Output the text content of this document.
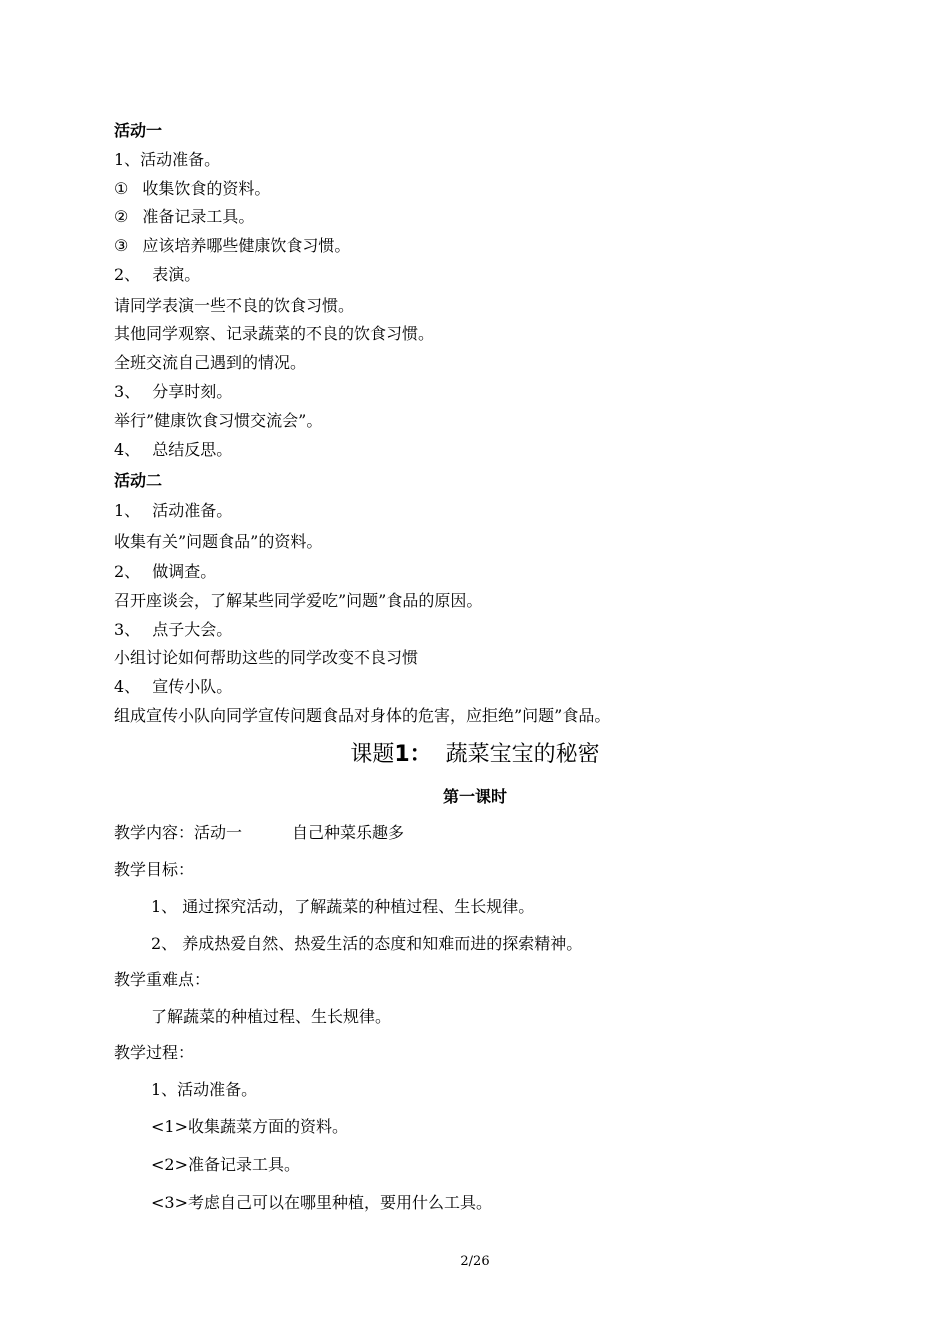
活动一
1、活动准备。
① 收集饮食的资料。
② 准备记录工具。
③ 应该培养哪些健康饮食习惯。
2、 表演。
请同学表演一些不良的饮食习惯。
其他同学观察、记录蔬菜的不良的饮食习惯。
全班交流自己遇到的情况。
3、 分享时刻。
举行”健康饮食习惯交流会”。
4、 总结反思。
活动二
1、 活动准备。
收集有关”问题食品”的资料。
2、 做调查。
召开座谈会，了解某些同学爱吃”问题”食品的原因。
3、 点子大会。
小组讨论如何帮助这些的同学改变不良习惯
4、 宣传小队。
组成宣传小队向同学宣传问题食品对身体的危害，应拒绝”问题”食品。
课题1： 蔬菜宝宝的秘密
第一课时
教学内容：活动一	自己种菜乐趣多
教学目标：
1、 通过探究活动，了解蔬菜的种植过程、生长规律。
2、 养成热爱自然、热爱生活的态度和知难而进的探索精神。
教学重难点：
了解蔬菜的种植过程、生长规律。
教学过程：
1、活动准备。
<1>收集蔬菜方面的资料。
<2>准备记录工具。
<3>考虑自己可以在哪里种植，要用什么工具。
2/26
